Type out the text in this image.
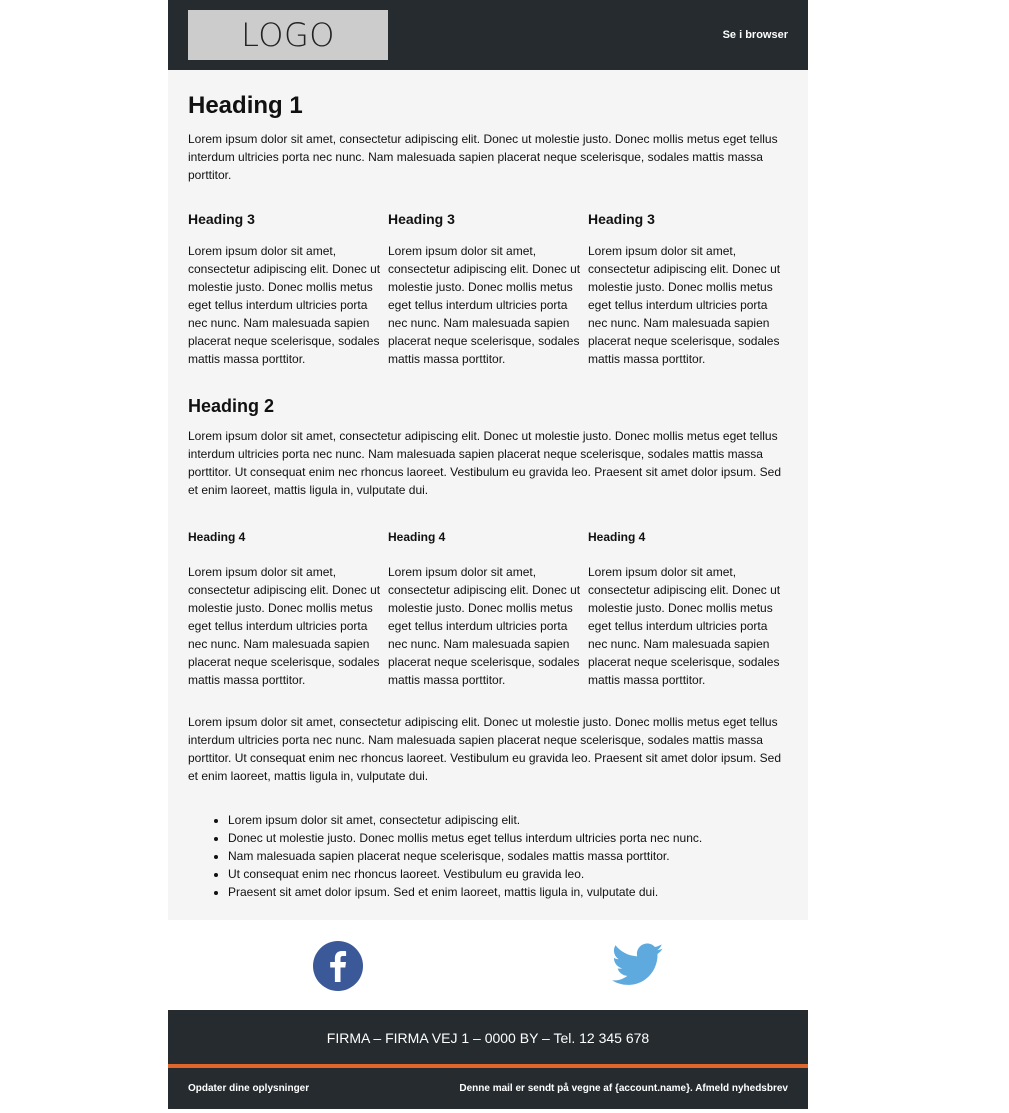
LOGO	Se i browser
Heading 1

Lorem ipsum dolor sit amet, consectetur adipiscing elit. Donec ut molestie justo. Donec mollis metus eget tellus interdum ultricies porta nec nunc. Nam malesuada sapien placerat neque scelerisque, sodales mattis massa porttitor.

Heading 3

Lorem ipsum dolor sit amet, consectetur adipiscing elit. Donec ut molestie justo. Donec mollis metus eget tellus interdum ultricies porta nec nunc. Nam malesuada sapien placerat neque scelerisque, sodales mattis massa porttitor.

Heading 3

Lorem ipsum dolor sit amet, consectetur adipiscing elit. Donec ut molestie justo. Donec mollis metus eget tellus interdum ultricies porta nec nunc. Nam malesuada sapien placerat neque scelerisque, sodales mattis massa porttitor.

Heading 3

Lorem ipsum dolor sit amet, consectetur adipiscing elit. Donec ut molestie justo. Donec mollis metus eget tellus interdum ultricies porta nec nunc. Nam malesuada sapien placerat neque scelerisque, sodales mattis massa porttitor.

Heading 2

Lorem ipsum dolor sit amet, consectetur adipiscing elit. Donec ut molestie justo. Donec mollis metus eget tellus interdum ultricies porta nec nunc. Nam malesuada sapien placerat neque scelerisque, sodales mattis massa porttitor. Ut consequat enim nec rhoncus laoreet. Vestibulum eu gravida leo. Praesent sit amet dolor ipsum. Sed et enim laoreet, mattis ligula in, vulputate dui.

Heading 4

Lorem ipsum dolor sit amet, consectetur adipiscing elit. Donec ut molestie justo. Donec mollis metus eget tellus interdum ultricies porta nec nunc. Nam malesuada sapien placerat neque scelerisque, sodales mattis massa porttitor.

Heading 4

Lorem ipsum dolor sit amet, consectetur adipiscing elit. Donec ut molestie justo. Donec mollis metus eget tellus interdum ultricies porta nec nunc. Nam malesuada sapien placerat neque scelerisque, sodales mattis massa porttitor.

Heading 4

Lorem ipsum dolor sit amet, consectetur adipiscing elit. Donec ut molestie justo. Donec mollis metus eget tellus interdum ultricies porta nec nunc. Nam malesuada sapien placerat neque scelerisque, sodales mattis massa porttitor.

Lorem ipsum dolor sit amet, consectetur adipiscing elit. Donec ut molestie justo. Donec mollis metus eget tellus interdum ultricies porta nec nunc. Nam malesuada sapien placerat neque scelerisque, sodales mattis massa porttitor. Ut consequat enim nec rhoncus laoreet. Vestibulum eu gravida leo. Praesent sit amet dolor ipsum. Sed et enim laoreet, mattis ligula in, vulputate dui.

• Lorem ipsum dolor sit amet, consectetur adipiscing elit.
• Donec ut molestie justo. Donec mollis metus eget tellus interdum ultricies porta nec nunc.
• Nam malesuada sapien placerat neque scelerisque, sodales mattis massa porttitor.
• Ut consequat enim nec rhoncus laoreet. Vestibulum eu gravida leo.
• Praesent sit amet dolor ipsum. Sed et enim laoreet, mattis ligula in, vulputate dui.
FIRMA – FIRMA VEJ 1 – 0000 BY – Tel. 12 345 678
Opdater dine oplysninger	Denne mail er sendt på vegne af {account.name}. Afmeld nyhedsbrev
